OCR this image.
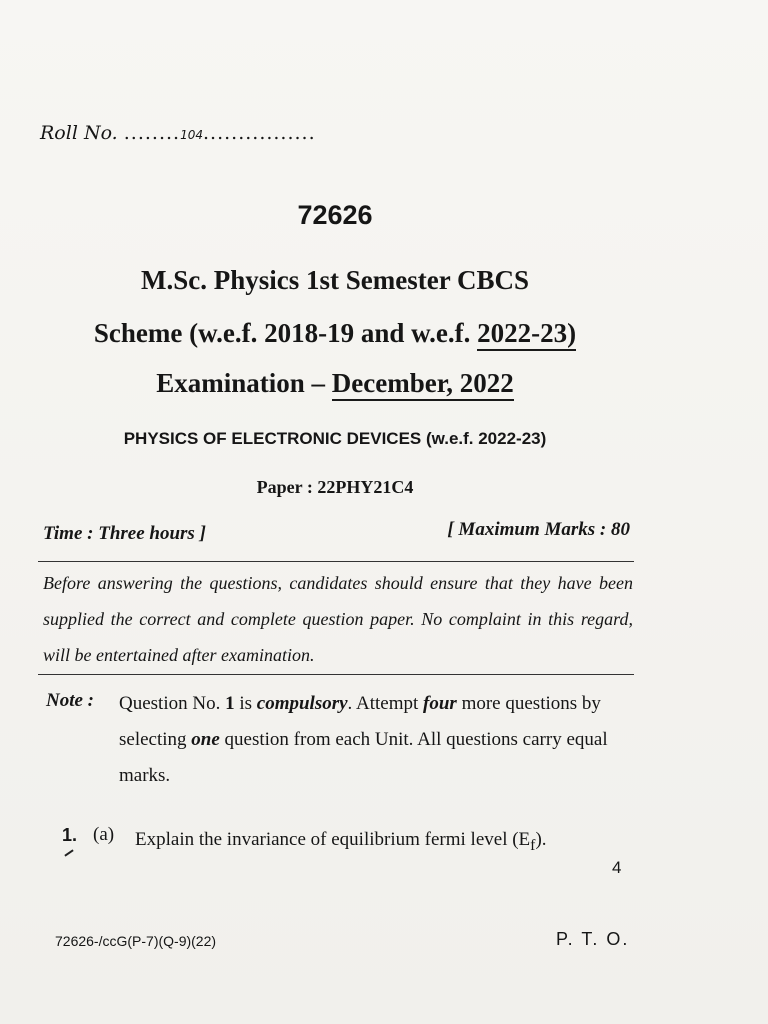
Roll No. ........104................
72626
M.Sc. Physics 1st Semester CBCS
Scheme (w.e.f. 2018-19 and w.e.f. 2022-23)
Examination – December, 2022
PHYSICS OF ELECTRONIC DEVICES (w.e.f. 2022-23)
Paper : 22PHY21C4
Time : Three hours ]	[ Maximum Marks : 80
Before answering the questions, candidates should ensure that they have been supplied the correct and complete question paper. No complaint in this regard, will be entertained after examination.
Note : Question No. 1 is compulsory. Attempt four more questions by selecting one question from each Unit. All questions carry equal marks.
1. (a) Explain the invariance of equilibrium fermi level $(E_f)$.
4
72626-/ccG(P-7)(Q-9)(22)	P. T. O.
